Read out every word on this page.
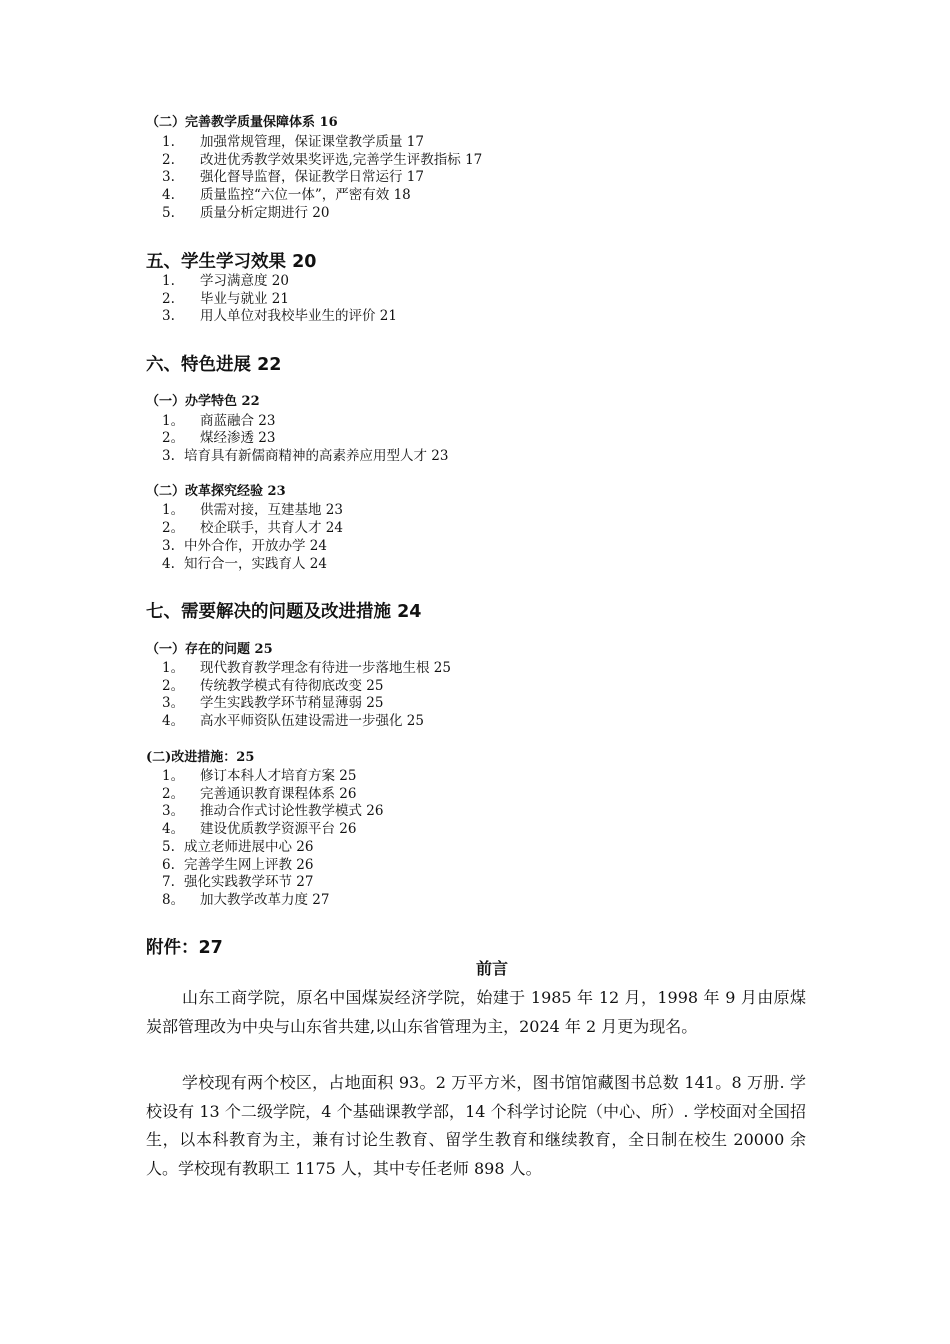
（二）完善教学质量保障体系 16
1. 加强常规管理，保证课堂教学质量 17
2. 改进优秀教学效果奖评选,完善学生评教指标 17
3. 强化督导监督，保证教学日常运行 17
4. 质量监控“六位一体”，严密有效 18
5. 质量分析定期进行 20
五、学生学习效果 20
1. 学习满意度 20
2. 毕业与就业 21
3. 用人单位对我校毕业生的评价 21
六、特色进展 22
（一）办学特色 22
1。 商蓝融合 23
2。 煤经渗透 23
3. 培育具有新儒商精神的高素养应用型人才 23
（二）改革探究经验 23
1。 供需对接，互建基地 23
2。 校企联手，共育人才 24
3. 中外合作，开放办学 24
4. 知行合一，实践育人 24
七、需要解决的问题及改进措施 24
（一）存在的问题 25
1。 现代教育教学理念有待进一步落地生根 25
2。 传统教学模式有待彻底改变 25
3。 学生实践教学环节稍显薄弱 25
4。 高水平师资队伍建设需进一步强化 25
(二)改进措施：25
1。 修订本科人才培育方案 25
2。 完善通识教育课程体系 26
3。 推动合作式讨论性教学模式 26
4。 建设优质教学资源平台 26
5. 成立老师进展中心 26
6. 完善学生网上评教 26
7. 强化实践教学环节 27
8。 加大教学改革力度 27
附件：27
前言
山东工商学院，原名中国煤炭经济学院，始建于 1985 年 12 月，1998 年 9 月由原煤炭部管理改为中央与山东省共建,以山东省管理为主，2024 年 2 月更为现名。
学校现有两个校区，占地面积 93。2 万平方米，图书馆馆藏图书总数 141。8 万册. 学校设有 13 个二级学院，4 个基础课教学部，14 个科学讨论院（中心、所）. 学校面对全国招生，以本科教育为主，兼有讨论生教育、留学生教育和继续教育，全日制在校生 20000 余人。学校现有教职工 1175 人，其中专任老师 898 人。
